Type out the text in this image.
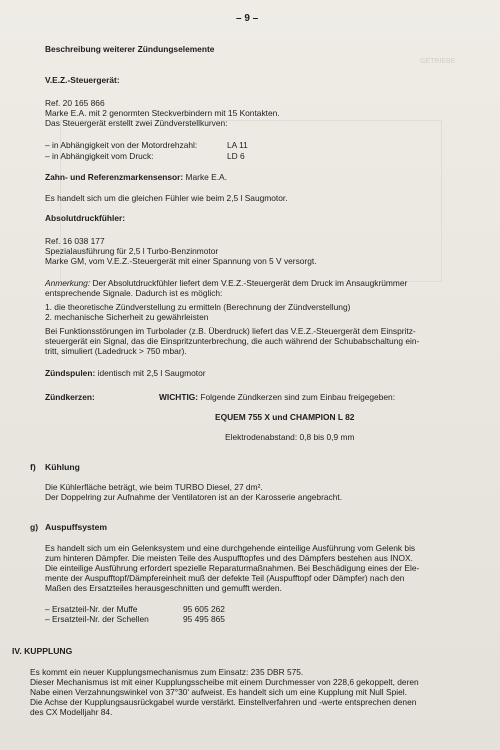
GETRIEBE
– 9 –
Beschreibung weiterer Zündungselemente
V.E.Z.-Steuergerät:
Ref. 20 165 866
Marke E.A. mit 2 genormten Steckverbindern mit 15 Kontakten.
Das Steuergerät erstellt zwei Zündverstellkurven:
– in Abhängigkeit von der Motordrehzahl:	LA 11
– in Abhängigkeit vom Druck:	LD 6
Zahn- und Referenzmarkensensor: Marke E.A.
Es handelt sich um die gleichen Fühler wie beim 2,5 l Saugmotor.
Absolutdruckfühler:
Ref. 16 038 177
Spezialausführung für 2,5 l Turbo-Benzinmotor
Marke GM, vom V.E.Z.-Steuergerät mit einer Spannung von 5 V versorgt.
Anmerkung: Der Absolutdruckfühler liefert dem V.E.Z.-Steuergerät dem Druck im Ansaugkrümmer
entsprechende Signale. Dadurch ist es möglich:
1. die theoretische Zündverstellung zu ermitteln (Berechnung der Zündverstellung)
2. mechanische Sicherheit zu gewährleisten
Bei Funktionsstörungen im Turbolader (z.B. Überdruck) liefert das V.E.Z.-Steuergerät dem Einspritz-
steuergerät ein Signal, das die Einspritzunterbrechung, die auch während der Schubabschaltung ein-
tritt, simuliert (Ladedruck > 750 mbar).
Zündspulen: identisch mit 2,5 l Saugmotor
Zündkerzen:	WICHTIG: Folgende Zündkerzen sind zum Einbau freigegeben:
EQUEM 755 X und CHAMPION L 82
Elektrodenabstand: 0,8 bis 0,9 mm
f) Kühlung
Die Kühlerfläche beträgt, wie beim TURBO Diesel, 27 dm².
Der Doppelring zur Aufnahme der Ventilatoren ist an der Karosserie angebracht.
g) Auspuffsystem
Es handelt sich um ein Gelenksystem und eine durchgehende einteilige Ausführung vom Gelenk bis
zum hinteren Dämpfer. Die meisten Teile des Auspufftopfes und des Dämpfers bestehen aus INOX.
Die einteilige Ausführung erfordert spezielle Reparaturmaßnahmen. Bei Beschädigung eines der Ele-
mente der Auspufftopf/Dämpfereinheit muß der defekte Teil (Auspufftopf oder Dämpfer) nach den
Maßen des Ersatzteiles herausgeschnitten und gemufft werden.
– Ersatzteil-Nr. der Muffe	95 605 262
– Ersatzteil-Nr. der Schellen	95 495 865
IV. KUPPLUNG
Es kommt ein neuer Kupplungsmechanismus zum Einsatz: 235 DBR 575.
Dieser Mechanismus ist mit einer Kupplungsscheibe mit einem Durchmesser von 228,6 gekoppelt, deren
Nabe einen Verzahnungswinkel von 37°30' aufweist. Es handelt sich um eine Kupplung mit Null Spiel.
Die Achse der Kupplungsausrückgabel wurde verstärkt. Einstellverfahren und -werte entsprechen denen
des CX Modelljahr 84.
